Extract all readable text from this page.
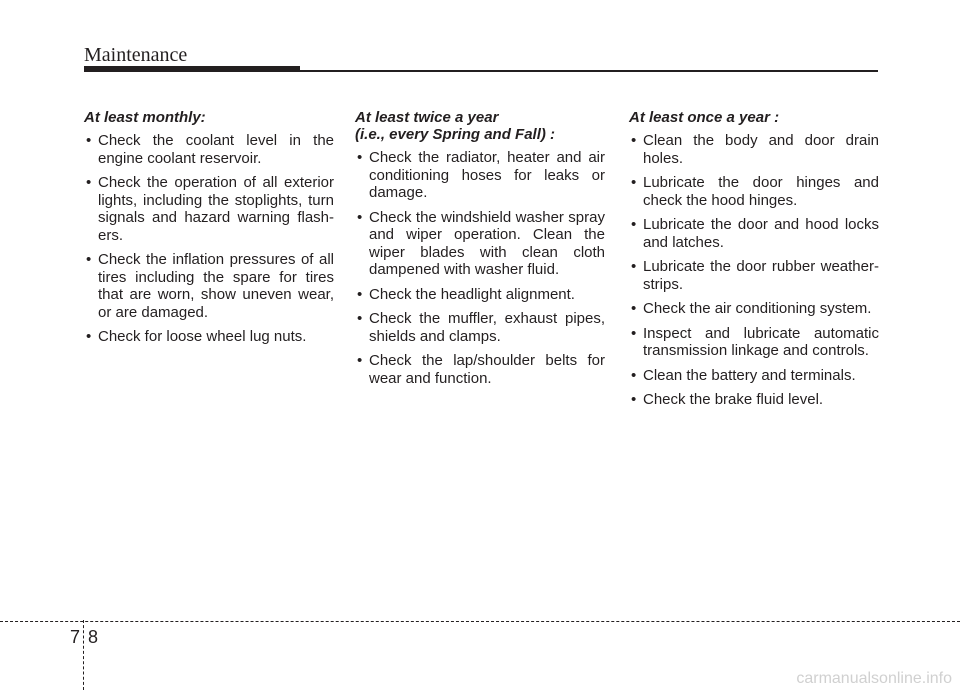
Maintenance

At least monthly:

• Check the coolant level in the engine coolant reservoir.
• Check the operation of all exterior lights, including the stoplights, turn signals and hazard warning flash-ers.
• Check the inflation pressures of all tires including the spare for tires that are worn, show uneven wear, or are damaged.
• Check for loose wheel lug nuts.

At least twice a year
(i.e., every Spring and Fall) :

• Check the radiator, heater and air conditioning hoses for leaks or damage.
• Check the windshield washer spray and wiper operation. Clean the wiper blades with clean cloth dampened with washer fluid.
• Check the headlight alignment.
• Check the muffler, exhaust pipes, shields and clamps.
• Check the lap/shoulder belts for wear and function.

At least once a year :

• Clean the body and door drain holes.
• Lubricate the door hinges and check the hood hinges.
• Lubricate the door and hood locks and latches.
• Lubricate the door rubber weather-strips.
• Check the air conditioning system.
• Inspect and lubricate automatic transmission linkage and controls.
• Clean the battery and terminals.
• Check the brake fluid level.
7 8
carmanualsonline.info
